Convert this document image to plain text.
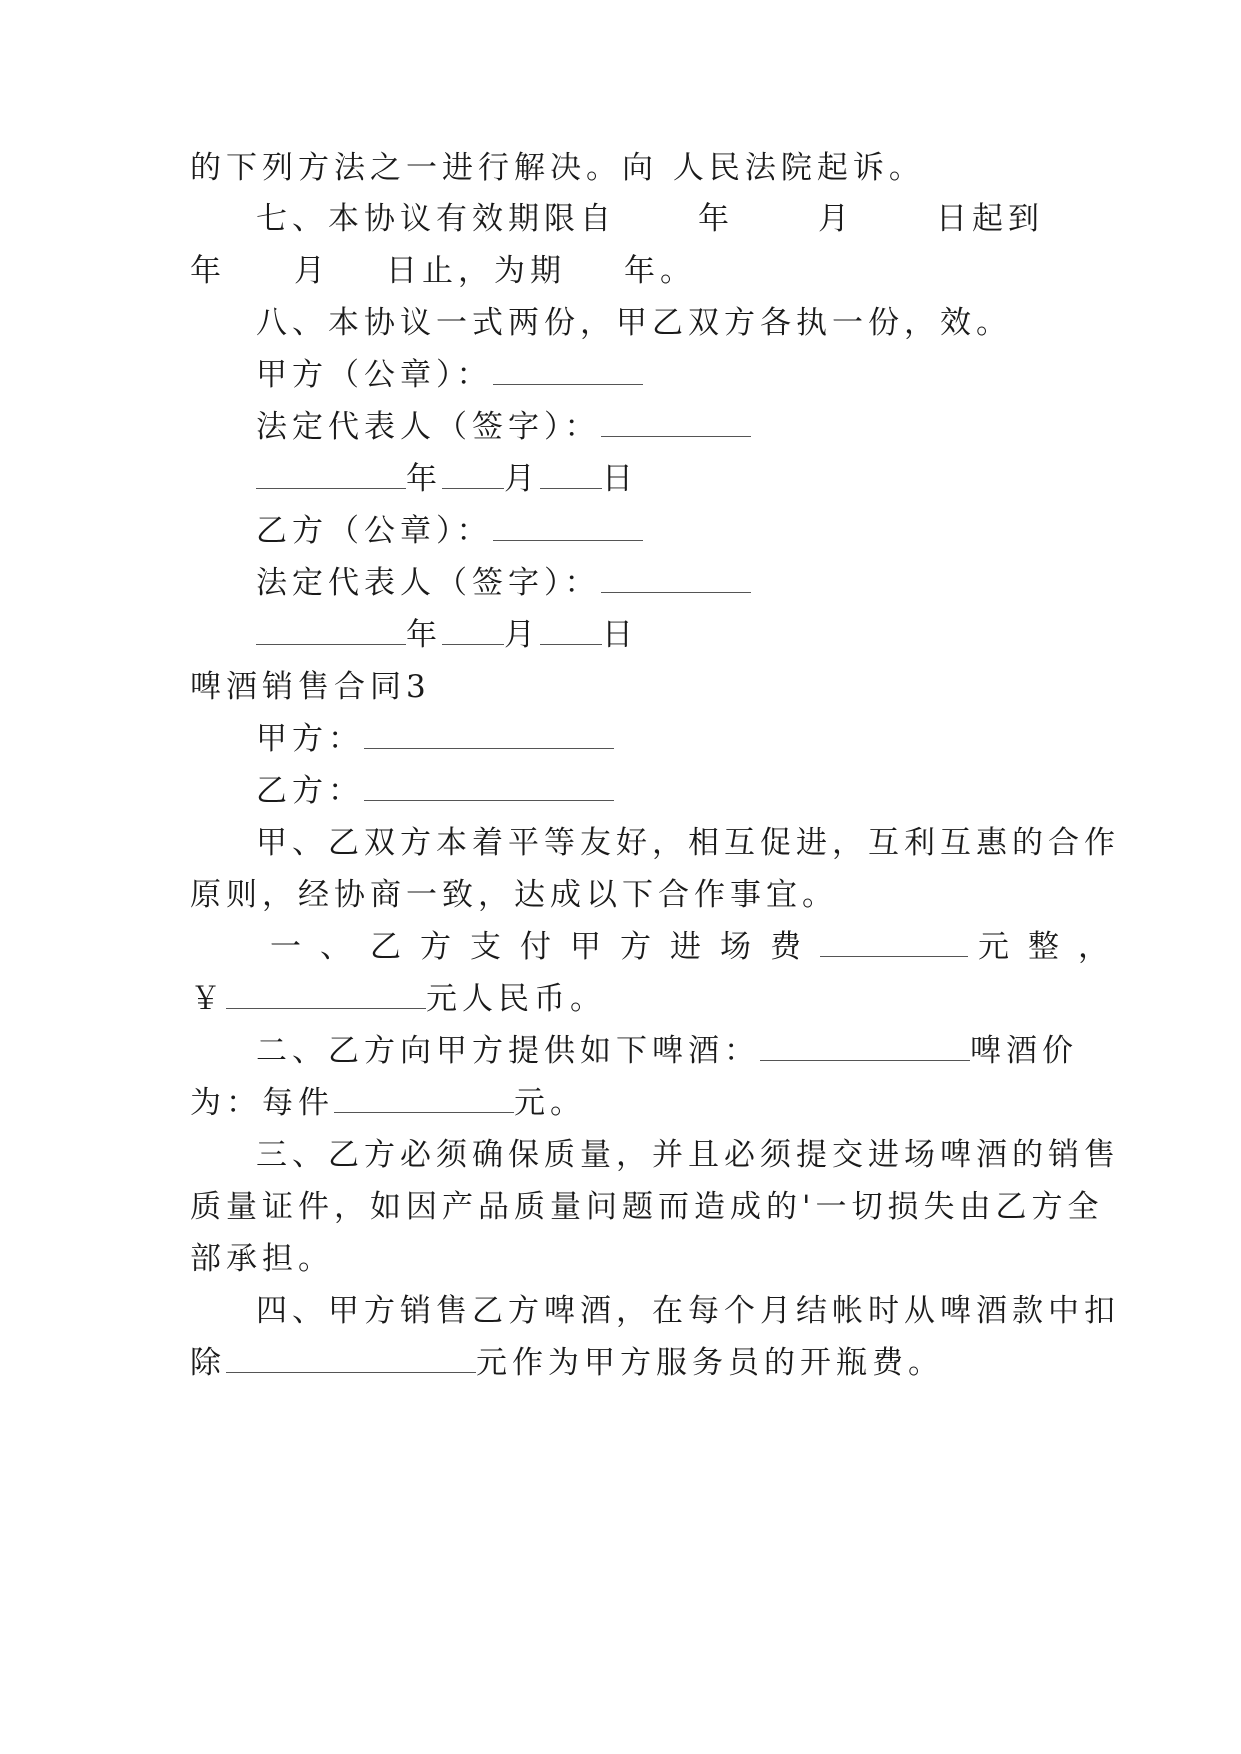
的下列方法之一进行解决。向 人民法院起诉。

七、本协议有效期限自	年	月	日起到

年 月 日止，为期 年。

八、本协议一式两份，甲乙双方各执一份，效。

甲方（公章）：

法定代表人（签字）：

年 月 日

乙方（公章）：

法定代表人（签字）：

年 月 日

啤酒销售合同3

甲方：

乙方：

甲、乙双方本着平等友好，相互促进，互利互惠的合作

原则，经协商一致，达成以下合作事宜。

一、乙方支付甲方进场费	元整，

￥	元人民币。

二、乙方向甲方提供如下啤酒：	啤酒价

为：每件	元。

三、乙方必须确保质量，并且必须提交进场啤酒的销售

质量证件，如因产品质量问题而造成的'一切损失由乙方全

部承担。

四、甲方销售乙方啤酒，在每个月结帐时从啤酒款中扣

除	元作为甲方服务员的开瓶费。
